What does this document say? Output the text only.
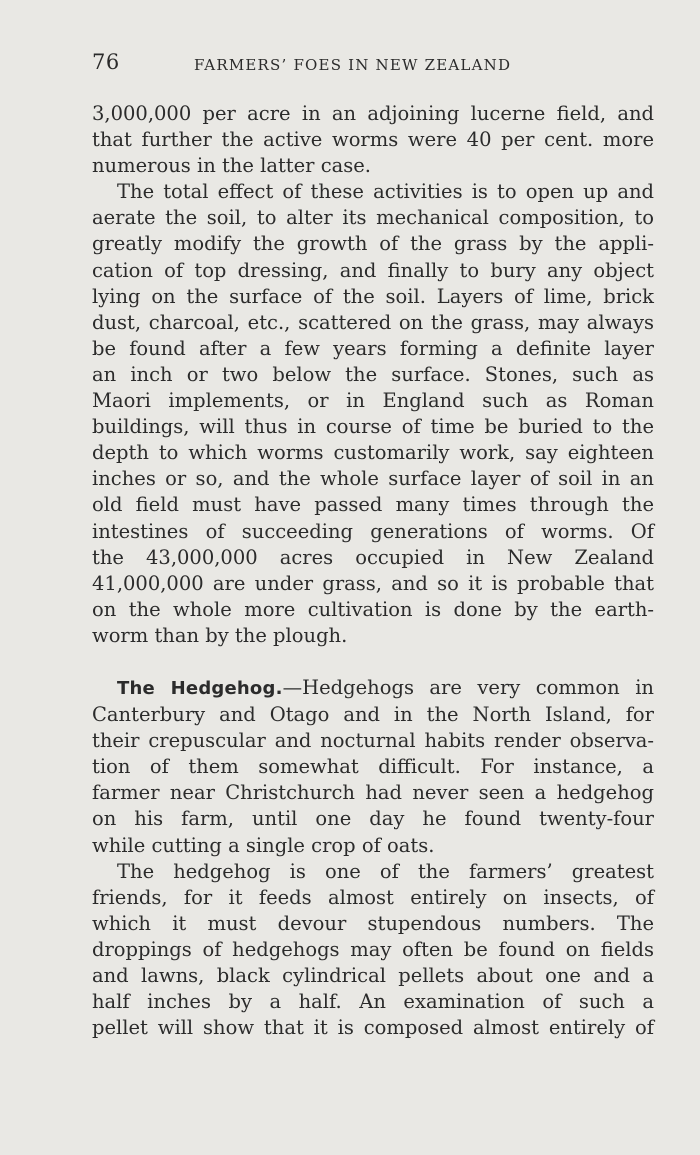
76	FARMERS’ FOES IN NEW ZEALAND

3,000,000 per acre in an adjoining lucerne field, and
that further the active worms were 40 per cent. more
numerous in the latter case.

The total effect of these activities is to open up and
aerate the soil, to alter its mechanical composition, to
greatly modify the growth of the grass by the appli-
cation of top dressing, and finally to bury any object
lying on the surface of the soil. Layers of lime, brick
dust, charcoal, etc., scattered on the grass, may always
be found after a few years forming a definite layer
an inch or two below the surface. Stones, such as
Maori implements, or in England such as Roman
buildings, will thus in course of time be buried to the
depth to which worms customarily work, say eighteen
inches or so, and the whole surface layer of soil in an
old field must have passed many times through the
intestines of succeeding generations of worms. Of
the 43,000,000 acres occupied in New Zealand
41,000,000 are under grass, and so it is probable that
on the whole more cultivation is done by the earth-
worm than by the plough.

The Hedgehog.—Hedgehogs are very common in
Canterbury and Otago and in the North Island, for
their crepuscular and nocturnal habits render observa-
tion of them somewhat difficult. For instance, a
farmer near Christchurch had never seen a hedgehog
on his farm, until one day he found twenty-four
while cutting a single crop of oats.

The hedgehog is one of the farmers’ greatest
friends, for it feeds almost entirely on insects, of
which it must devour stupendous numbers. The
droppings of hedgehogs may often be found on fields
and lawns, black cylindrical pellets about one and a
half inches by a half. An examination of such a
pellet will show that it is composed almost entirely of
